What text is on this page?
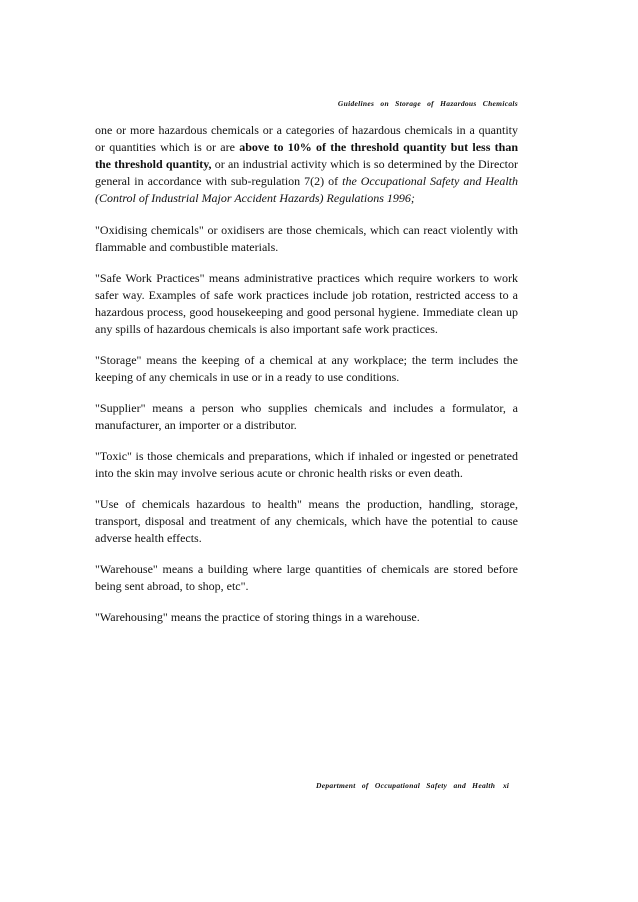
Guidelines on Storage of Hazardous Chemicals

one or more hazardous chemicals or a categories of hazardous chemicals in a quantity or quantities which is or are above to 10% of the threshold quantity but less than the threshold quantity, or an industrial activity which is so determined by the Director general in accordance with sub-regulation 7(2) of the Occupational Safety and Health (Control of Industrial Major Accident Hazards) Regulations 1996;

"Oxidising chemicals" or oxidisers are those chemicals, which can react violently with flammable and combustible materials.

"Safe Work Practices" means administrative practices which require workers to work safer way. Examples of safe work practices include job rotation, restricted access to a hazardous process, good housekeeping and good personal hygiene. Immediate clean up any spills of hazardous chemicals is also important safe work practices.

"Storage" means the keeping of a chemical at any workplace; the term includes the keeping of any chemicals in use or in a ready to use conditions.

"Supplier" means a person who supplies chemicals and includes a formulator, a manufacturer, an importer or a distributor.

"Toxic" is those chemicals and preparations, which if inhaled or ingested or penetrated into the skin may involve serious acute or chronic health risks or even death.

"Use of chemicals hazardous to health" means the production, handling, storage, transport, disposal and treatment of any chemicals, which have the potential to cause adverse health effects.

"Warehouse" means a building where large quantities of chemicals are stored before being sent abroad, to shop, etc".

"Warehousing" means the practice of storing things in a warehouse.

Department of Occupational Safety and Health xi
